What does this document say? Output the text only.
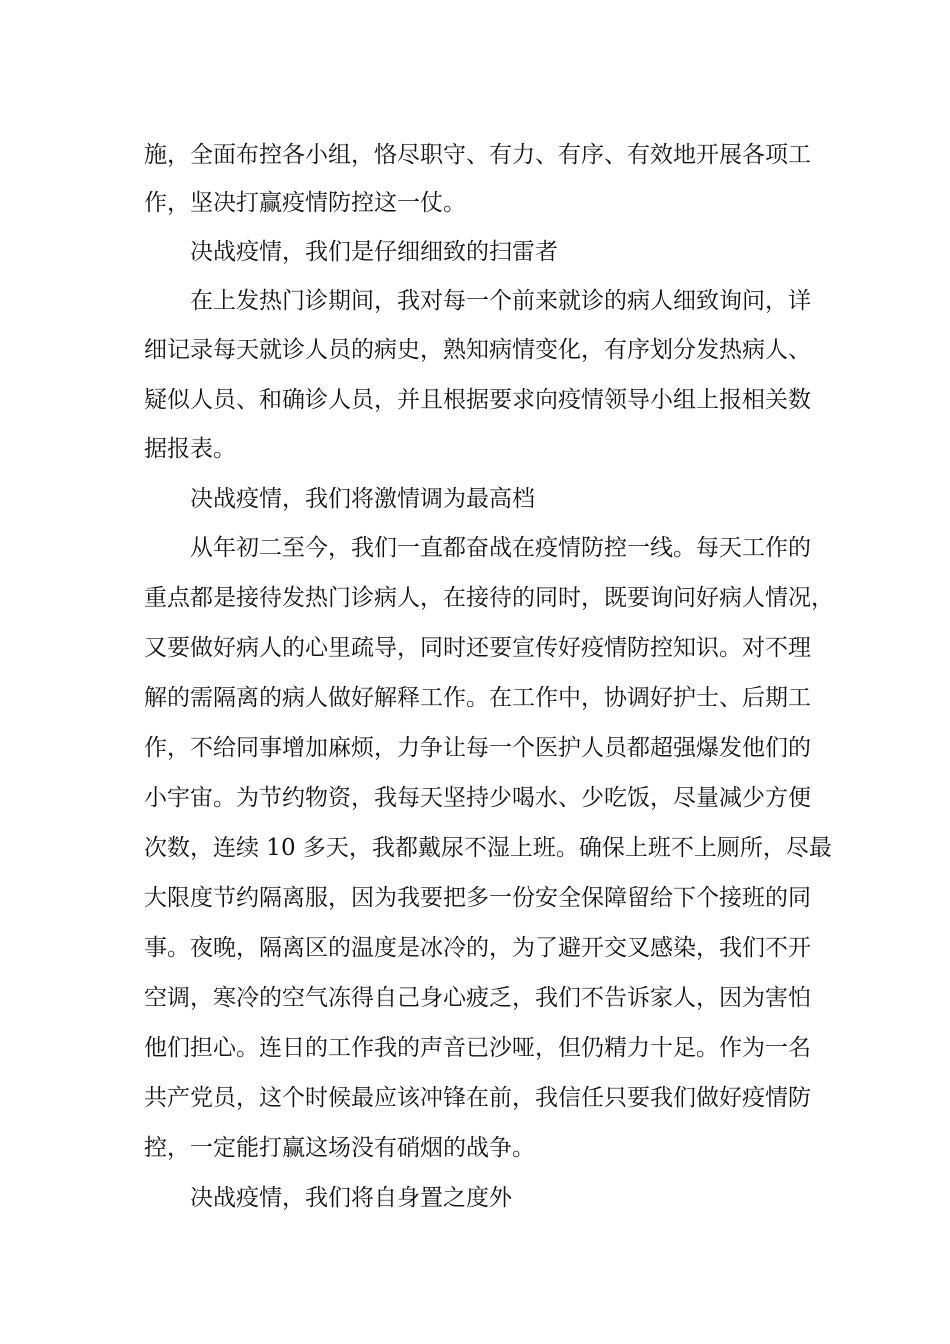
施，全面布控各小组，恪尽职守、有力、有序、有效地开展各项工

作，坚决打赢疫情防控这一仗。

决战疫情，我们是仔细细致的扫雷者

在上发热门诊期间，我对每一个前来就诊的病人细致询问，详

细记录每天就诊人员的病史，熟知病情变化，有序划分发热病人、

疑似人员、和确诊人员，并且根据要求向疫情领导小组上报相关数

据报表。

决战疫情，我们将激情调为最高档

从年初二至今，我们一直都奋战在疫情防控一线。每天工作的

重点都是接待发热门诊病人，在接待的同时，既要询问好病人情况，

又要做好病人的心里疏导，同时还要宣传好疫情防控知识。对不理

解的需隔离的病人做好解释工作。在工作中，协调好护士、后期工

作，不给同事增加麻烦，力争让每一个医护人员都超强爆发他们的

小宇宙。为节约物资，我每天坚持少喝水、少吃饭，尽量减少方便

次数，连续 10 多天，我都戴尿不湿上班。确保上班不上厕所，尽最

大限度节约隔离服，因为我要把多一份安全保障留给下个接班的同

事。夜晚，隔离区的温度是冰冷的，为了避开交叉感染，我们不开

空调，寒冷的空气冻得自己身心疲乏，我们不告诉家人，因为害怕

他们担心。连日的工作我的声音已沙哑，但仍精力十足。作为一名

共产党员，这个时候最应该冲锋在前，我信任只要我们做好疫情防

控，一定能打赢这场没有硝烟的战争。

决战疫情，我们将自身置之度外
